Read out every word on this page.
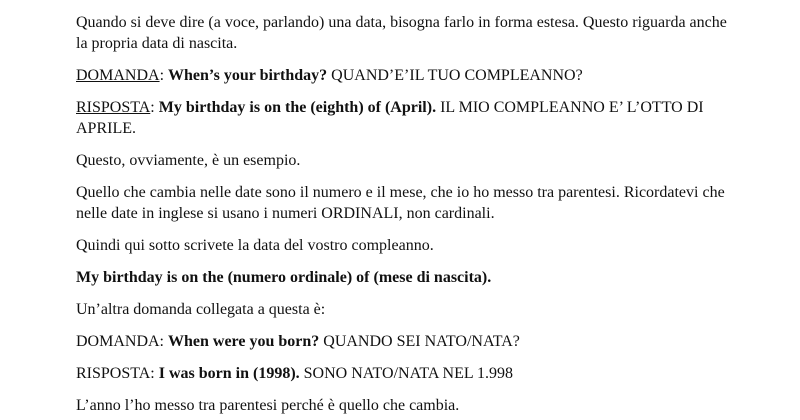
Quando si deve dire (a voce, parlando) una data, bisogna farlo in forma estesa. Questo riguarda anche la propria data di nascita.

DOMANDA: When’s your birthday? QUAND’E’IL TUO COMPLEANNO?

RISPOSTA: My birthday is on the (eighth) of (April). IL MIO COMPLEANNO E’ L’OTTO DI APRILE.

Questo, ovviamente, è un esempio.

Quello che cambia nelle date sono il numero e il mese, che io ho messo tra parentesi. Ricordatevi che nelle date in inglese si usano i numeri ORDINALI, non cardinali.

Quindi qui sotto scrivete la data del vostro compleanno.

My birthday is on the (numero ordinale) of (mese di nascita).

Un’altra domanda collegata a questa è:

DOMANDA: When were you born? QUANDO SEI NATO/NATA?

RISPOSTA: I was born in (1998). SONO NATO/NATA NEL 1.998

L’anno l’ho messo tra parentesi perché è quello che cambia.
